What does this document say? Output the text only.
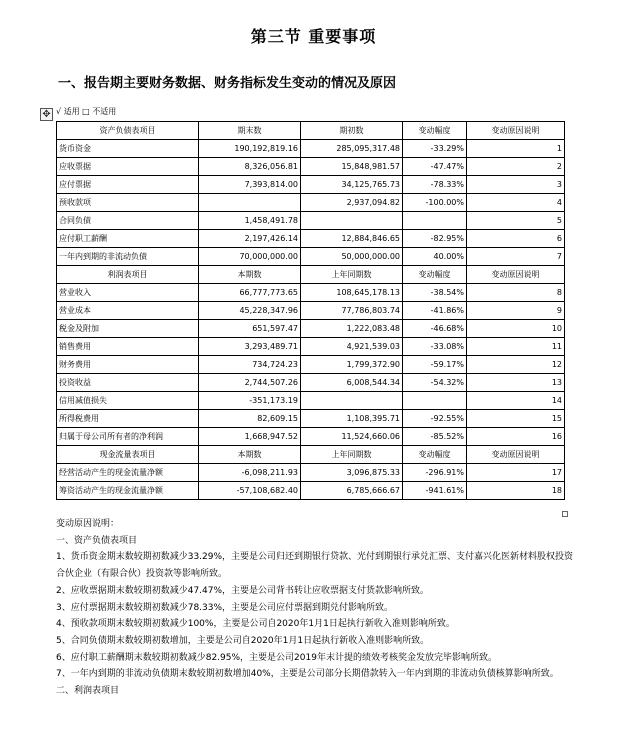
第三节 重要事项
一、报告期主要财务数据、财务指标发生变动的情况及原因
✥ √ 适用 □ 不适用
资产负债表项目	期末数	期初数	变动幅度	变动原因说明
货币资金	190,192,819.16	285,095,317.48	-33.29%	1
应收票据	8,326,056.81	15,848,981.57	-47.47%	2
应付票据	7,393,814.00	34,125,765.73	-78.33%	3
预收款项		2,937,094.82	-100.00%	4
合同负债	1,458,491.78			5
应付职工薪酬	2,197,426.14	12,884,846.65	-82.95%	6
一年内到期的非流动负债	70,000,000.00	50,000,000.00	40.00%	7
利润表项目	本期数	上年同期数	变动幅度	变动原因说明
营业收入	66,777,773.65	108,645,178.13	-38.54%	8
营业成本	45,228,347.96	77,786,803.74	-41.86%	9
税金及附加	651,597.47	1,222,083.48	-46.68%	10
销售费用	3,293,489.71	4,921,539.03	-33.08%	11
财务费用	734,724.23	1,799,372.90	-59.17%	12
投资收益	2,744,507.26	6,008,544.34	-54.32%	13
信用减值损失	-351,173.19			14
所得税费用	82,609.15	1,108,395.71	-92.55%	15
归属于母公司所有者的净利润	1,668,947.52	11,524,660.06	-85.52%	16
现金流量表项目	本期数	上年同期数	变动幅度	变动原因说明
经营活动产生的现金流量净额	-6,098,211.93	3,096,875.33	-296.91%	17
筹资活动产生的现金流量净额	-57,108,682.40	6,785,666.67	-941.61%	18

变动原因说明：

一、资产负债表项目

1、货币资金期末数较期初数减少33.29%，主要是公司归还到期银行贷款、光付到期银行承兑汇票、支付嘉兴化医新材料股权投资合伙企业（有限合伙）投资款等影响所致。

2、应收票据期末数较期初数减少47.47%，主要是公司背书转让应收票据支付货款影响所致。

3、应付票据期末数较期初数减少78.33%，主要是公司应付票据到期兑付影响所致。

4、预收款项期末数较期初数减少100%，主要是公司自2020年1月1日起执行新收入准则影响所致。

5、合同负债期末数较期初数增加，主要是公司自2020年1月1日起执行新收入准则影响所致。

6、应付职工薪酬期末数较期初数减少82.95%，主要是公司2019年末计提的绩效考核奖金发放完毕影响所致。

7、一年内到期的非流动负债期末数较期初数增加40%，主要是公司部分长期借款转入一年内到期的非流动负债核算影响所致。

二、利润表项目
